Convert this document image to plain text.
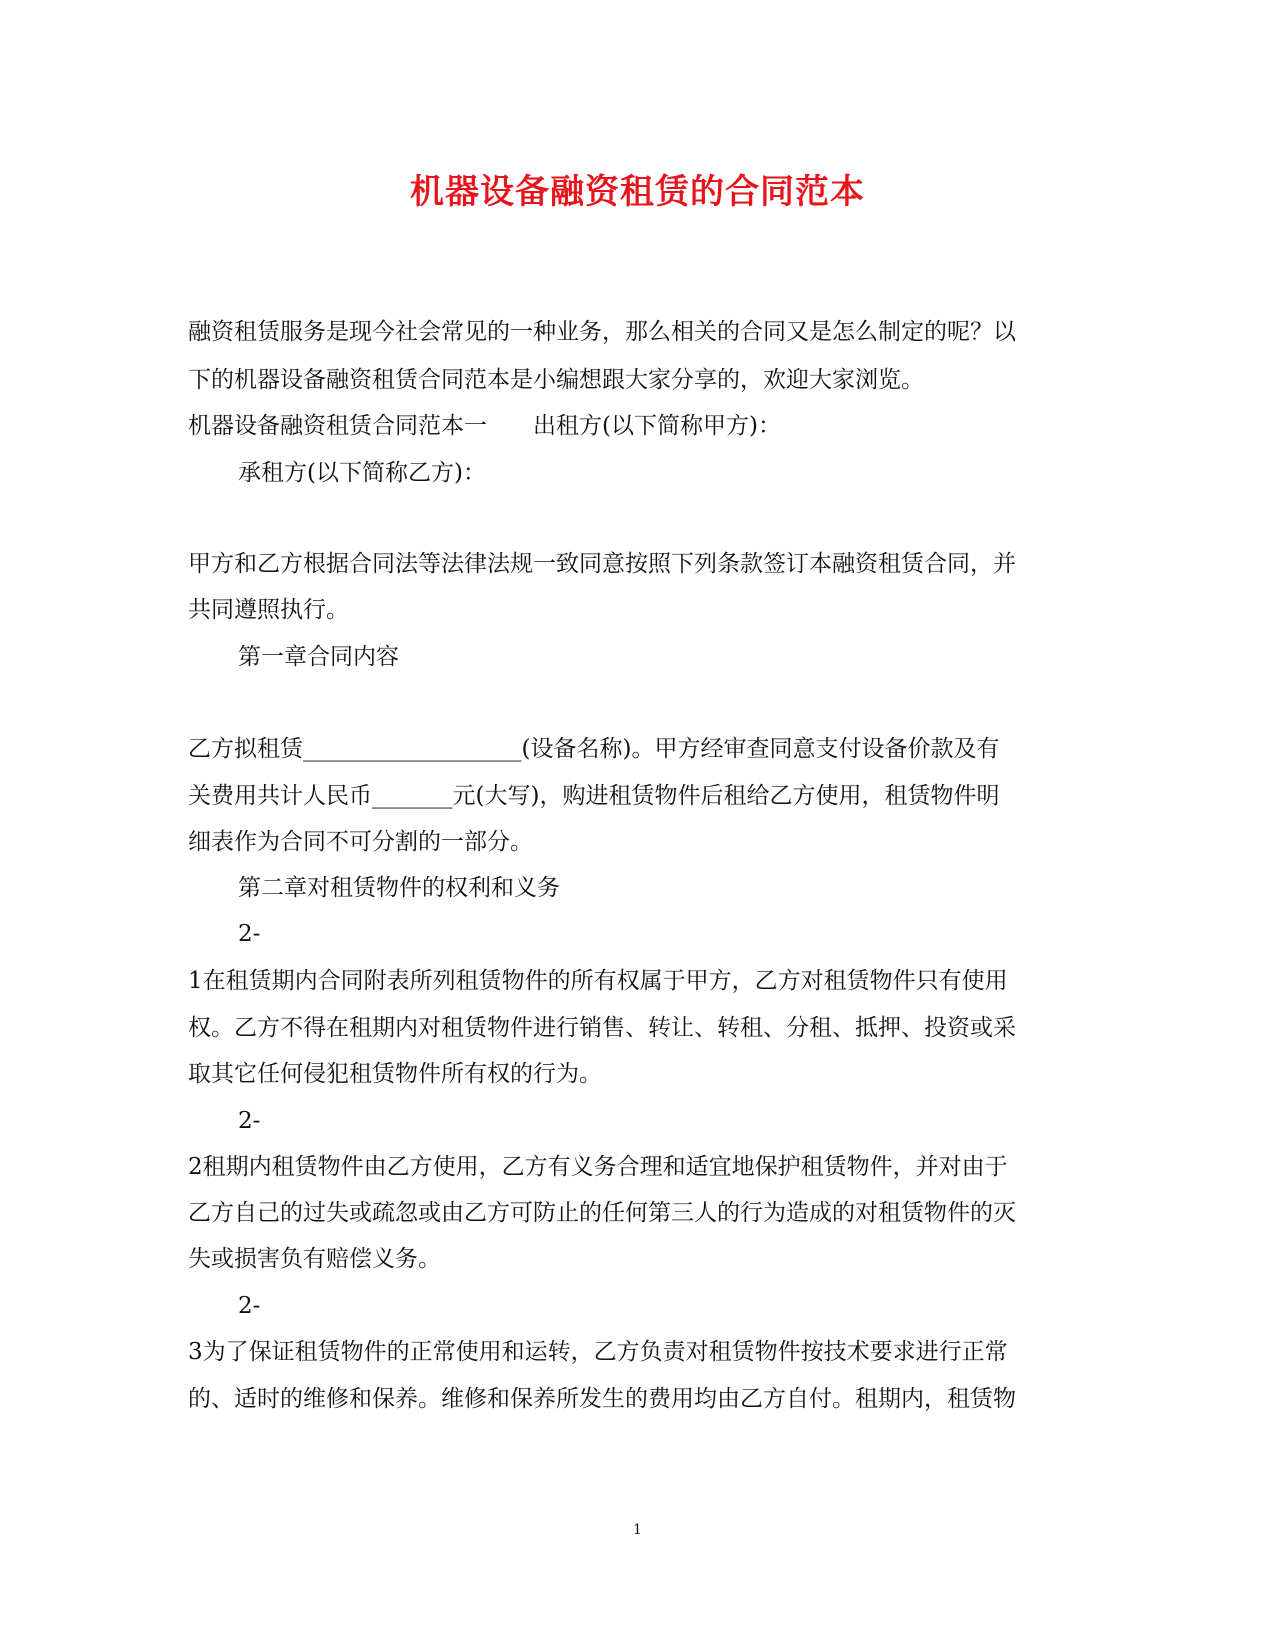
机器设备融资租赁的合同范本
融资租赁服务是现今社会常见的一种业务，那么相关的合同又是怎么制定的呢？以
下的机器设备融资租赁合同范本是小编想跟大家分享的，欢迎大家浏览。
机器设备融资租赁合同范本一　　出租方(以下简称甲方)：
承租方(以下简称乙方)：
甲方和乙方根据合同法等法律法规一致同意按照下列条款签订本融资租赁合同，并
共同遵照执行。
第一章合同内容
乙方拟租赁___________________(设备名称)。甲方经审查同意支付设备价款及有
关费用共计人民币_______元(大写)，购进租赁物件后租给乙方使用，租赁物件明
细表作为合同不可分割的一部分。
第二章对租赁物件的权利和义务
2-
1在租赁期内合同附表所列租赁物件的所有权属于甲方，乙方对租赁物件只有使用
权。乙方不得在租期内对租赁物件进行销售、转让、转租、分租、抵押、投资或采
取其它任何侵犯租赁物件所有权的行为。
2-
2租期内租赁物件由乙方使用，乙方有义务合理和适宜地保护租赁物件，并对由于
乙方自己的过失或疏忽或由乙方可防止的任何第三人的行为造成的对租赁物件的灭
失或损害负有赔偿义务。
2-
3为了保证租赁物件的正常使用和运转，乙方负责对租赁物件按技术要求进行正常
的、适时的维修和保养。维修和保养所发生的费用均由乙方自付。租期内，租赁物
1
